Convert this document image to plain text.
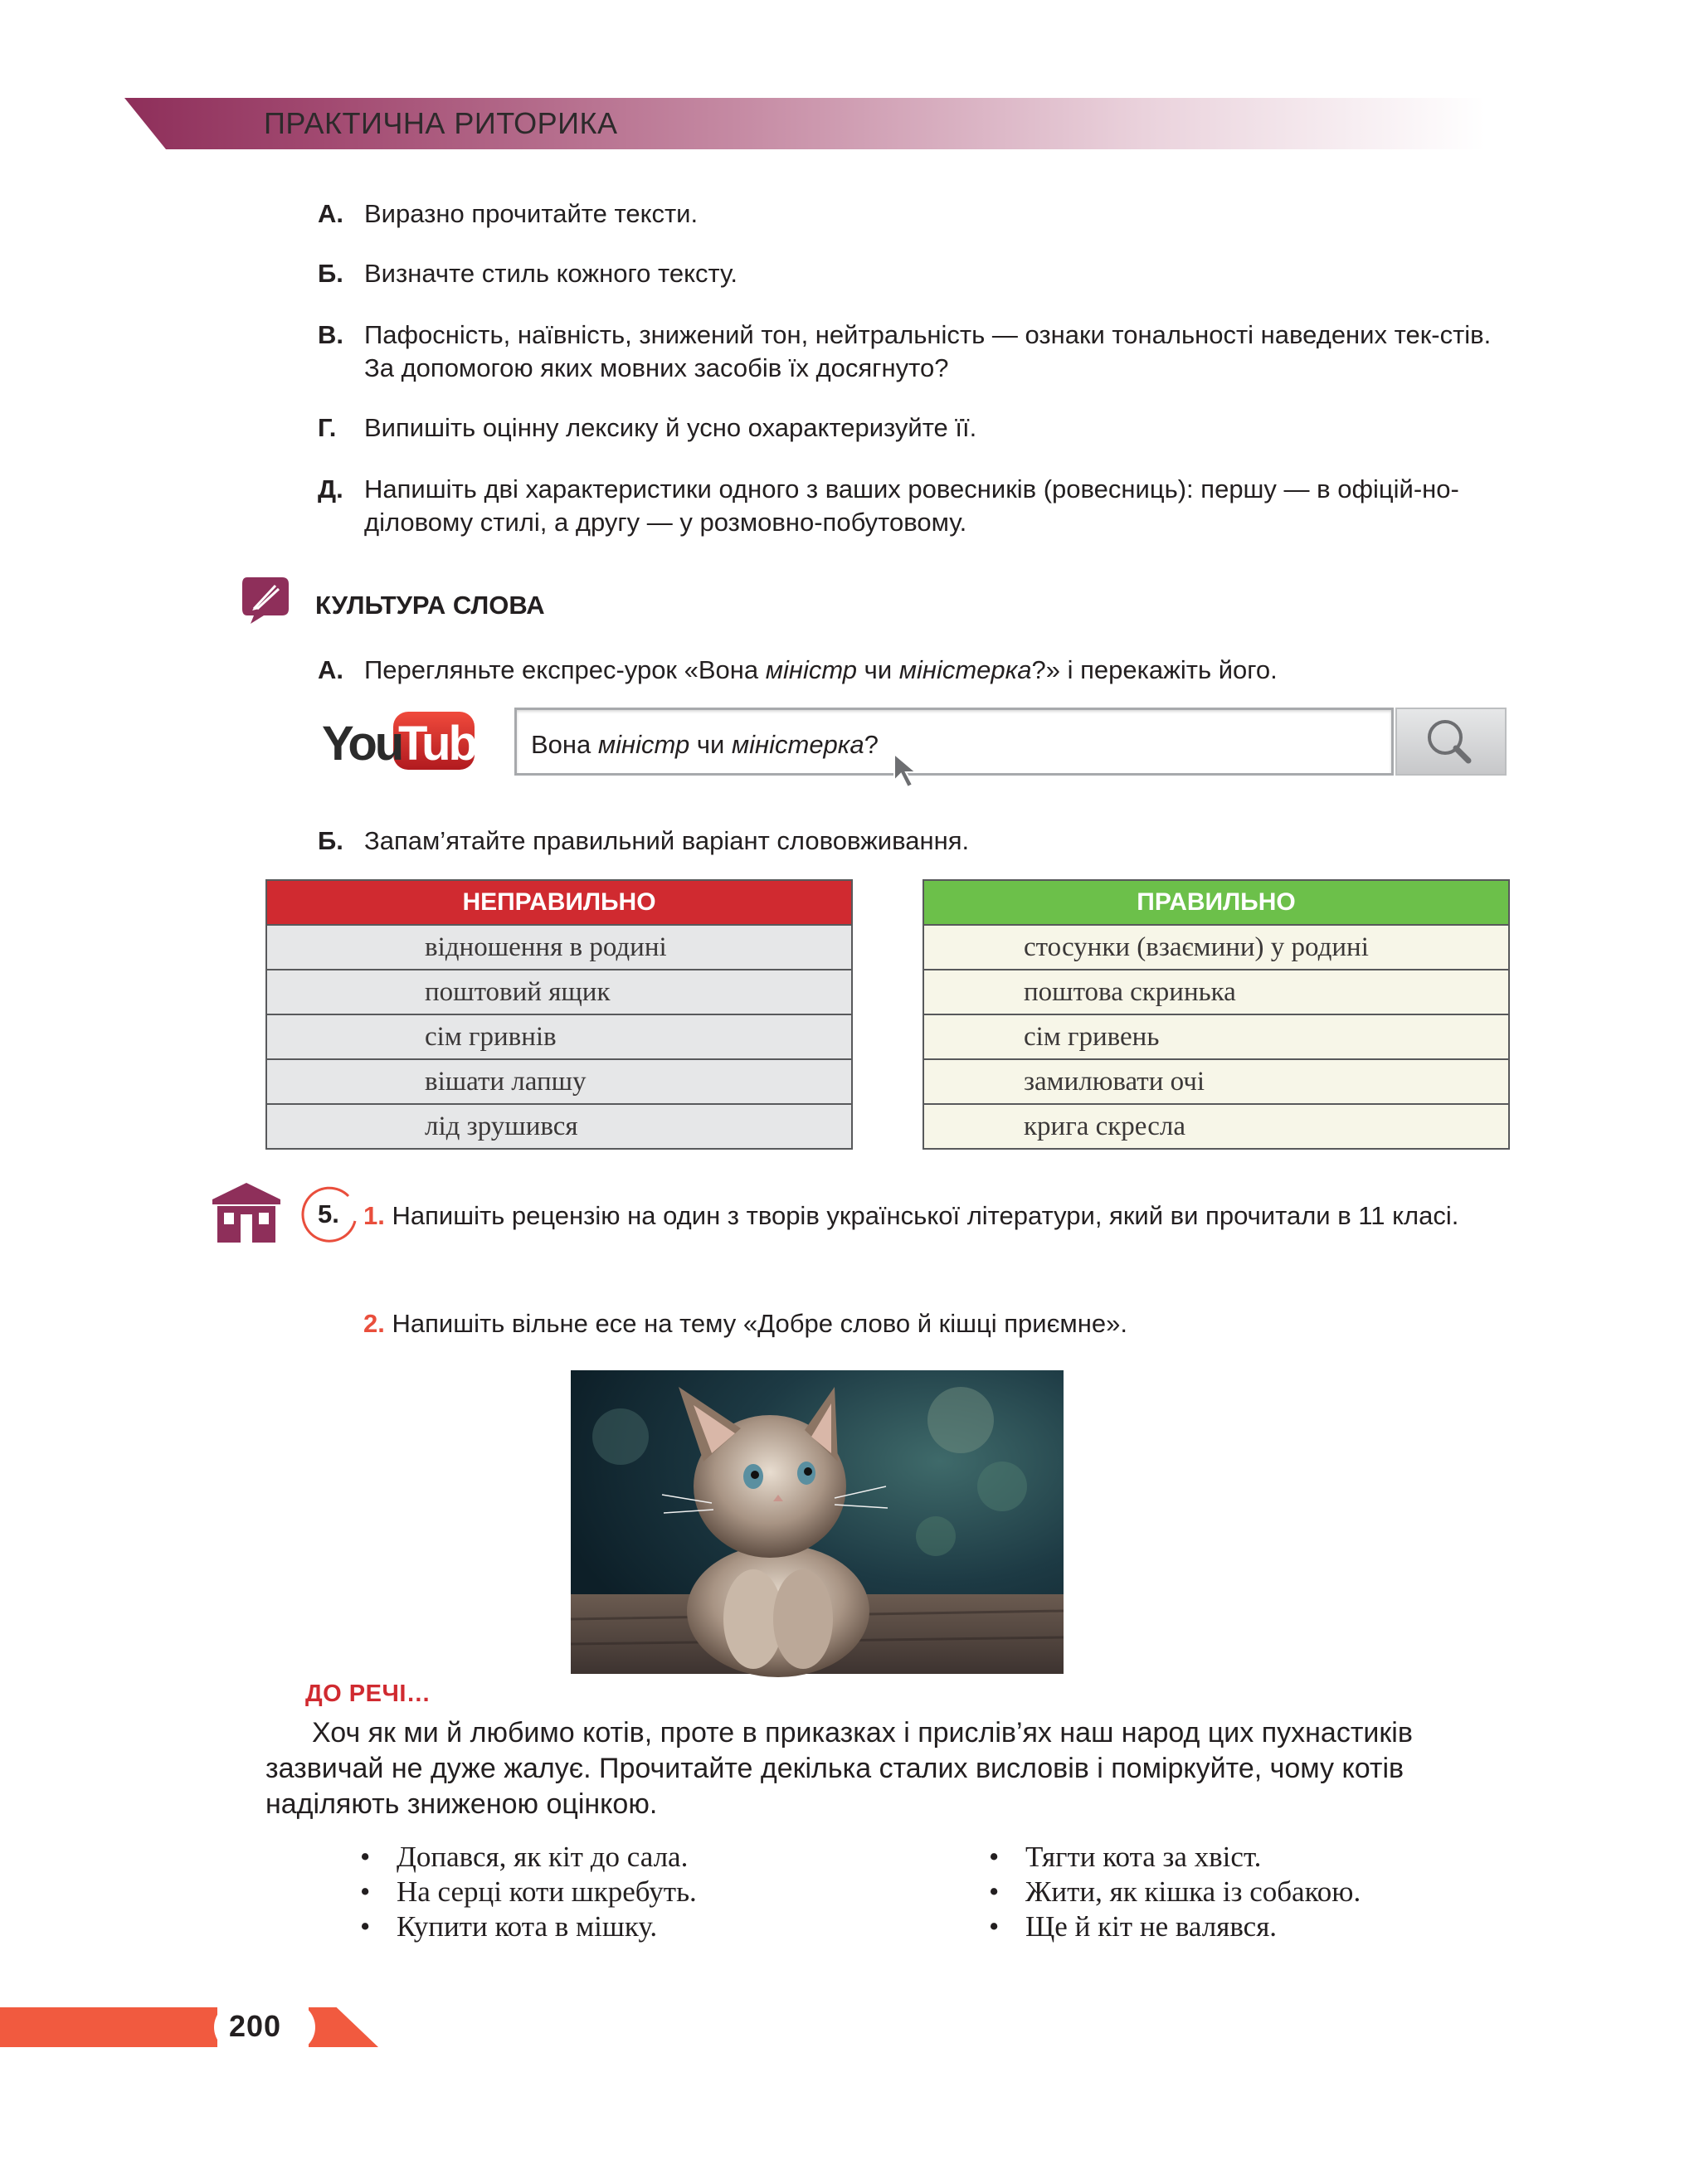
ПРАКТИЧНА РИТОРИКА
А. Виразно прочитайте тексти.
Б. Визначте стиль кожного тексту.
В. Пафосність, наївність, знижений тон, нейтральність — ознаки тональності наведених тек-стів. За допомогою яких мовних засобів їх досягнуто?
Г. Випишіть оцінну лексику й усно охарактеризуйте її.
Д. Напишіть дві характеристики одного з ваших ровесників (ровесниць): першу — в офіцій-но-діловому стилі, а другу — у розмовно-побутовому.
КУЛЬТУРА СЛОВА
А. Перегляньте експрес-урок «Вона міністр чи міністерка?» і перекажіть його.
You
Tube Вона міністр чи міністерка?
Б. Запам’ятайте правильний варіант слововживання.
НЕПРАВИЛЬНО
відношення в родині
поштовий ящик
сім гривнів
вішати лапшу
лід зрушився
ПРАВИЛЬНО
стосунки (взаємини) у родині
поштова скринька
сім гривень
замилювати очі
крига скресла
5. 1. Напишіть рецензію на один з творів української літератури, який ви прочитали в 11 класі.
2. Напишіть вільне есе на тему «Добре слово й кішці приємне».
ДО РЕЧІ…
Хоч як ми й любимо котів, проте в приказках і прислів’ях наш народ цих пухнастиків зазвичай не дуже жалує. Прочитайте декілька сталих висловів і поміркуйте, чому котів наділяють зниженою оцінкою.
• Допався, як кіт до сала.
• На серці коти шкребуть.
• Купити кота в мішку.
• Тягти кота за хвіст.
• Жити, як кішка із собакою.
• Ще й кіт не валявся.
200
